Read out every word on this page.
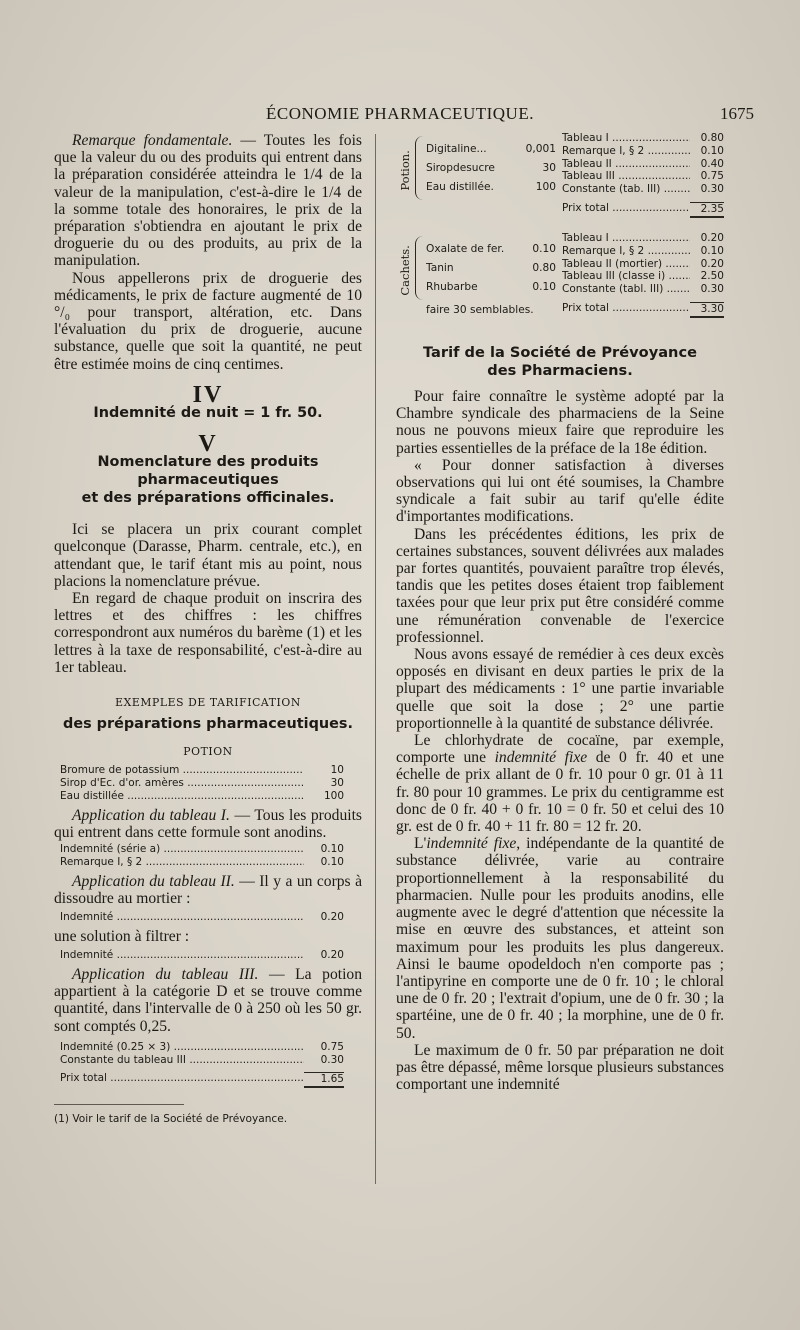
ÉCONOMIE PHARMACEUTIQUE.	1675

Remarque fondamentale. — Toutes les fois que la valeur du ou des produits qui entrent dans la préparation considérée atteindra le 1/4 de la valeur de la manipulation, c'est-à-dire le 1/4 de la somme totale des honoraires, le prix de la préparation s'obtiendra en ajoutant le prix de droguerie du ou des produits, au prix de la manipulation.

Nous appellerons prix de droguerie des médicaments, le prix de facture augmenté de 10 °/₀ pour transport, altération, etc. Dans l'évaluation du prix de droguerie, aucune substance, quelle que soit la quantité, ne peut être estimée moins de cinq centimes.

IV
Indemnité de nuit = 1 fr. 50.
V
Nomenclature des produits pharmaceutiques
et des préparations officinales.

Ici se placera un prix courant complet quelconque (Darasse, Pharm. centrale, etc.), en attendant que, le tarif étant mis au point, nous placions la nomenclature prévue.

En regard de chaque produit on inscrira des lettres et des chiffres : les chiffres correspondront aux numéros du barème (1) et les lettres à la taxe de responsabilité, c'est-à-dire au 1er tableau.

EXEMPLES DE TARIFICATION
des préparations pharmaceutiques.
POTION
Bromure de potassium .....	10
Sirop d'Ec. d'or. amères .....	30
Eau distillée .....	100

Application du tableau I. — Tous les produits qui entrent dans cette formule sont anodins.

Indemnité (série a) .....	0.10
Remarque I, § 2 .....	0.10

Application du tableau II. — Il y a un corps à dissoudre au mortier :

Indemnité .....	0.20

une solution à filtrer :

Indemnité .....	0.20

Application du tableau III. — La potion appartient à la catégorie D et se trouve comme quantité, dans l'intervalle de 0 à 250 où les 50 gr. sont comptés 0,25.

Indemnité (0.25 × 3) .....	0.75
Constante du tableau III .....	0.30
Prix total .....	1.65
(1) Voir le tarif de la Société de Prévoyance.
Potion.
Digitaline...	0,001
Siropdesucre	30
Eau distillée.	100
Tableau I .....	0.80
Remarque I, § 2 .....	0.10
Tableau II .....	0.40
Tableau III .....	0.75
Constante (tab. III) .....	0.30
Prix total .....	2.35
Cachets. Oxalate de fer.	0.10
Tanin	0.80
Rhubarbe	0.10
faire 30 semblables.
Tableau I .....	0.20
Remarque I, § 2 .....	0.10
Tableau II (mortier) .....	0.20
Tableau III (classe i) .....	2.50
Constante (tabl. III) .....	0.30
Prix total .....	3.30
Tarif de la Société de Prévoyance
des Pharmaciens.

Pour faire connaître le système adopté par la Chambre syndicale des pharmaciens de la Seine nous ne pouvons mieux faire que reproduire les parties essentielles de la préface de la 18e édition.

« Pour donner satisfaction à diverses observations qui lui ont été soumises, la Chambre syndicale a fait subir au tarif qu'elle édite d'importantes modifications.

Dans les précédentes éditions, les prix de certaines substances, souvent délivrées aux malades par fortes quantités, pouvaient paraître trop élevés, tandis que les petites doses étaient trop faiblement taxées pour que leur prix put être considéré comme une rémunération convenable de l'exercice professionnel.

Nous avons essayé de remédier à ces deux excès opposés en divisant en deux parties le prix de la plupart des médicaments : 1° une partie invariable quelle que soit la dose ; 2° une partie proportionnelle à la quantité de substance délivrée.

Le chlorhydrate de cocaïne, par exemple, comporte une indemnité fixe de 0 fr. 40 et une échelle de prix allant de 0 fr. 10 pour 0 gr. 01 à 11 fr. 80 pour 10 grammes. Le prix du centigramme est donc de 0 fr. 40 + 0 fr. 10 = 0 fr. 50 et celui des 10 gr. est de 0 fr. 40 + 11 fr. 80 = 12 fr. 20.

L'indemnité fixe, indépendante de la quantité de substance délivrée, varie au contraire proportionnellement à la responsabilité du pharmacien. Nulle pour les produits anodins, elle augmente avec le degré d'attention que nécessite la mise en œuvre des substances, et atteint son maximum pour les produits les plus dangereux. Ainsi le baume opodeldoch n'en comporte pas ; l'antipyrine en comporte une de 0 fr. 10 ; le chloral une de 0 fr. 20 ; l'extrait d'opium, une de 0 fr. 30 ; la spartéine, une de 0 fr. 40 ; la morphine, une de 0 fr. 50.

Le maximum de 0 fr. 50 par préparation ne doit pas être dépassé, même lorsque plusieurs substances comportant une indemnité
